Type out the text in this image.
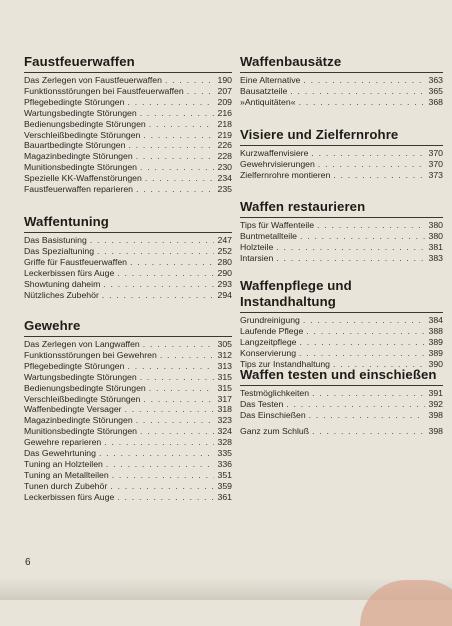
Faustfeuerwaffen
Das Zerlegen von Faustfeuerwaffen . . .	190
Funktionsstörungen bei Faustfeuerwaffen . . .	207
Pflegebedingte Störungen . . .	209
Wartungsbedingte Störungen . . .	216
Bedienungsbedingte Störungen . . .	218
Verschleißbedingte Störungen . . .	219
Bauartbedingte Störungen . . .	226
Magazinbedingte Störungen . . .	228
Munitionsbedingte Störungen . . .	230
Spezielle KK-Waffenstörungen . . .	234
Faustfeuerwaffen reparieren . . .	235
Waffentuning
Das Basistuning . . .	247
Das Spezialtuning . . .	252
Griffe für Faustfeuerwaffen . . .	280
Leckerbissen fürs Auge . . .	290
Showtuning daheim . . .	293
Nützliches Zubehör . . .	294
Gewehre
Das Zerlegen von Langwaffen . . .	305
Funktionsstörungen bei Gewehren . . .	312
Pflegebedingte Störungen . . .	313
Wartungsbedingte Störungen . . .	315
Bedienungsbedingte Störungen . . .	315
Verschleißbedingte Störungen . . .	317
Waffenbedingte Versager . . .	318
Magazinbedingte Störungen . . .	323
Munitionsbedingte Störungen . . .	324
Gewehre reparieren . . .	328
Das Gewehrtuning . . .	335
Tuning an Holzteilen . . .	336
Tuning an Metallteilen . . .	351
Tunen durch Zubehör . . .	359
Leckerbissen fürs Auge . . .	361
Waffenbausätze
Eine Alternative . . .	363
Bausatzteile . . .	365
»Antiquitäten« . . .	368
Visiere und Zielfernrohre
Kurzwaffenvisiere . . .	370
Gewehrvisierungen . . .	370
Zielfernrohre montieren . . .	373
Waffen restaurieren
Tips für Waffenteile . . .	380
Buntmetallteile . . .	380
Holzteile . . .	381
Intarsien . . .	383
Waffenpflege und Instandhaltung
Grundreinigung . . .	384
Laufende Pflege . . .	388
Langzeitpflege . . .	389
Konservierung . . .	389
Tips zur Instandhaltung . . .	390
Waffen testen und einschießen
Testmöglichkeiten . . .	391
Das Testen . . .	392
Das Einschießen . . .	398
Ganz zum Schluß . . .	398
6
